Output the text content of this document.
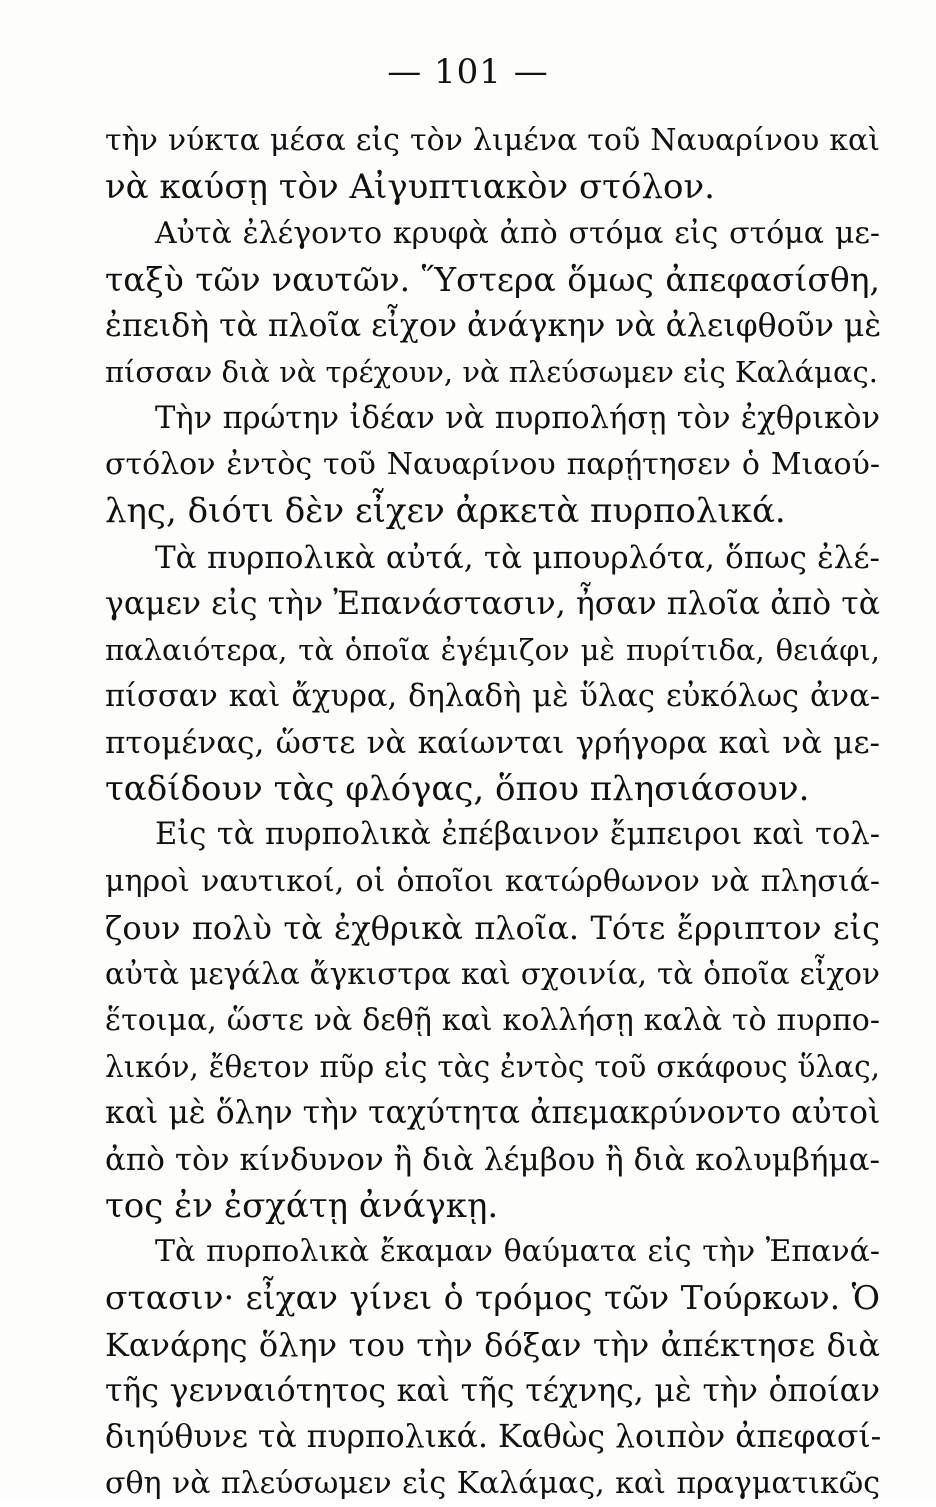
— 101 —
τὴν νύκτα μέσα εἰς τὸν λιμένα τοῦ Ναυαρίνου καὶ
νὰ καύσῃ τὸν Αἰγυπτιακὸν στόλον.
Αὐτὰ ἐλέγοντο κρυφὰ ἀπὸ στόμα εἰς στόμα με-
ταξὺ τῶν ναυτῶν. Ὕστερα ὅμως ἀπεφασίσθη,
ἐπειδὴ τὰ πλοῖα εἶχον ἀνάγκην νὰ ἀλειφθοῦν μὲ
πίσσαν διὰ νὰ τρέχουν, νὰ πλεύσωμεν εἰς Καλάμας.
Τὴν πρώτην ἰδέαν νὰ πυρπολήσῃ τὸν ἐχθρικὸν
στόλον ἐντὸς τοῦ Ναυαρίνου παρῄτησεν ὁ Μιαού-
λης, διότι δὲν εἶχεν ἀρκετὰ πυρπολικά.
Τὰ πυρπολικὰ αὐτά, τὰ μπουρλότα, ὅπως ἐλέ-
γαμεν εἰς τὴν Ἐπανάστασιν, ἦσαν πλοῖα ἀπὸ τὰ
παλαιότερα, τὰ ὁποῖα ἐγέμιζον μὲ πυρίτιδα, θειάφι,
πίσσαν καὶ ἄχυρα, δηλαδὴ μὲ ὕλας εὐκόλως ἀνα-
πτομένας, ὥστε νὰ καίωνται γρήγορα καὶ νὰ με-
ταδίδουν τὰς φλόγας, ὅπου πλησιάσουν.
Εἰς τὰ πυρπολικὰ ἐπέβαινον ἔμπειροι καὶ τολ-
μηροὶ ναυτικοί, οἱ ὁποῖοι κατώρθωνον νὰ πλησιά-
ζουν πολὺ τὰ ἐχθρικὰ πλοῖα. Τότε ἔρριπτον εἰς
αὐτὰ μεγάλα ἄγκιστρα καὶ σχοινία, τὰ ὁποῖα εἶχον
ἕτοιμα, ὥστε νὰ δεθῇ καὶ κολλήσῃ καλὰ τὸ πυρπο-
λικόν, ἔθετον πῦρ εἰς τὰς ἐντὸς τοῦ σκάφους ὕλας,
καὶ μὲ ὅλην τὴν ταχύτητα ἀπεμακρύνοντο αὐτοὶ
ἀπὸ τὸν κίνδυνον ἢ διὰ λέμβου ἢ διὰ κολυμβήμα-
τος ἐν ἐσχάτῃ ἀνάγκῃ.
Τὰ πυρπολικὰ ἔκαμαν θαύματα εἰς τὴν Ἐπανά-
στασιν· εἶχαν γίνει ὁ τρόμος τῶν Τούρκων. Ὁ
Κανάρης ὅλην του τὴν δόξαν τὴν ἀπέκτησε διὰ
τῆς γενναιότητος καὶ τῆς τέχνης, μὲ τὴν ὁποίαν
διηύθυνε τὰ πυρπολικά. Καθὼς λοιπὸν ἀπεφασί-
σθη νὰ πλεύσωμεν εἰς Καλάμας, καὶ πραγματικῶς
